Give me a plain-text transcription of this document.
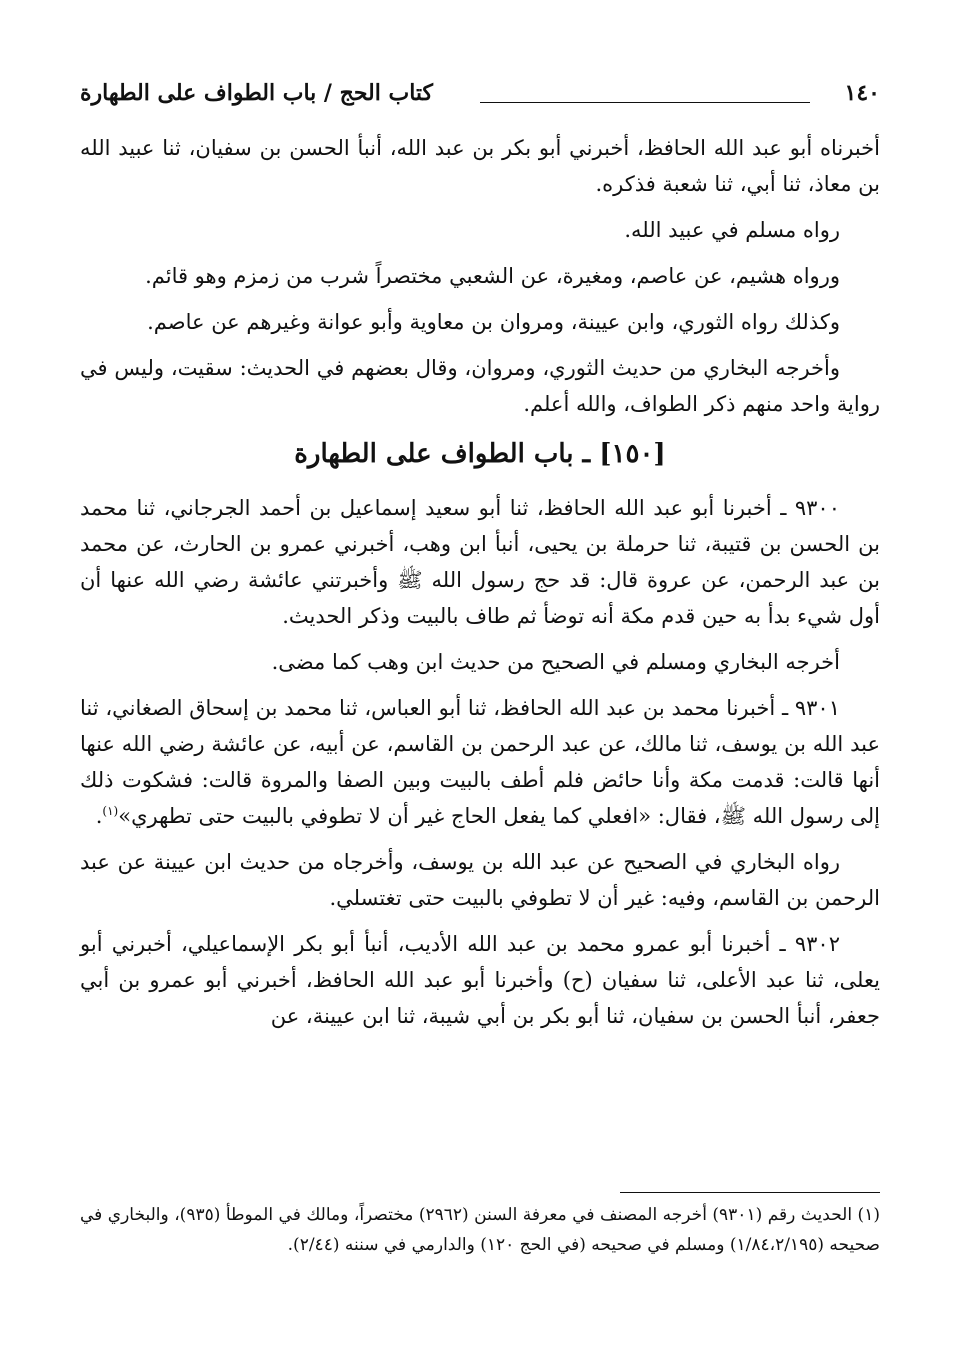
١٤٠
كتاب الحج / باب الطواف على الطهارة

أخبرناه أبو عبد الله الحافظ، أخبرني أبو بكر بن عبد الله، أنبأ الحسن بن سفيان، ثنا عبيد الله بن معاذ، ثنا أبي، ثنا شعبة فذكره.

رواه مسلم في عبيد الله.

ورواه هشيم، عن عاصم، ومغيرة، عن الشعبي مختصراً شرب من زمزم وهو قائم.

وكذلك رواه الثوري، وابن عيينة، ومروان بن معاوية وأبو عوانة وغيرهم عن عاصم.

وأخرجه البخاري من حديث الثوري، ومروان، وقال بعضهم في الحديث: سقيت، وليس في رواية واحد منهم ذكر الطواف، والله أعلم.

[١٥٠] ـ باب الطواف على الطهارة

٩٣٠٠ ـ أخبرنا أبو عبد الله الحافظ، ثنا أبو سعيد إسماعيل بن أحمد الجرجاني، ثنا محمد بن الحسن بن قتيبة، ثنا حرملة بن يحيى، أنبأ ابن وهب، أخبرني عمرو بن الحارث، عن محمد بن عبد الرحمن، عن عروة قال: قد حج رسول الله ﷺ وأخبرتني عائشة رضي الله عنها أن أول شيء بدأ به حين قدم مكة أنه توضأ ثم طاف بالبيت وذكر الحديث.

أخرجه البخاري ومسلم في الصحيح من حديث ابن وهب كما مضى.

٩٣٠١ ـ أخبرنا محمد بن عبد الله الحافظ، ثنا أبو العباس، ثنا محمد بن إسحاق الصغاني، ثنا عبد الله بن يوسف، ثنا مالك، عن عبد الرحمن بن القاسم، عن أبيه، عن عائشة رضي الله عنها أنها قالت: قدمت مكة وأنا حائض فلم أطف بالبيت وبين الصفا والمروة قالت: فشكوت ذلك إلى رسول الله ﷺ، فقال: «افعلي كما يفعل الحاج غير أن لا تطوفي بالبيت حتى تطهري»$^{(١)}$.

رواه البخاري في الصحيح عن عبد الله بن يوسف، وأخرجاه من حديث ابن عيينة عن عبد الرحمن بن القاسم، وفيه: غير أن لا تطوفي بالبيت حتى تغتسلي.

٩٣٠٢ ـ أخبرنا أبو عمرو محمد بن عبد الله الأديب، أنبأ أبو بكر الإسماعيلي، أخبرني أبو يعلى، ثنا عبد الأعلى، ثنا سفيان (ح) وأخبرنا أبو عبد الله الحافظ، أخبرني أبو عمرو بن أبي جعفر، أنبأ الحسن بن سفيان، ثنا أبو بكر بن أبي شيبة، ثنا ابن عيينة، عن

(١) الحديث رقم (٩٣٠١) أخرجه المصنف في معرفة السنن (٢٩٦٢) مختصراً، ومالك في الموطأ (٩٣٥)، والبخاري في صحيحه (١/٨٤،٢/١٩٥) ومسلم في صحيحه (في الحج ١٢٠) والدارمي في سننه (٢/٤٤).
